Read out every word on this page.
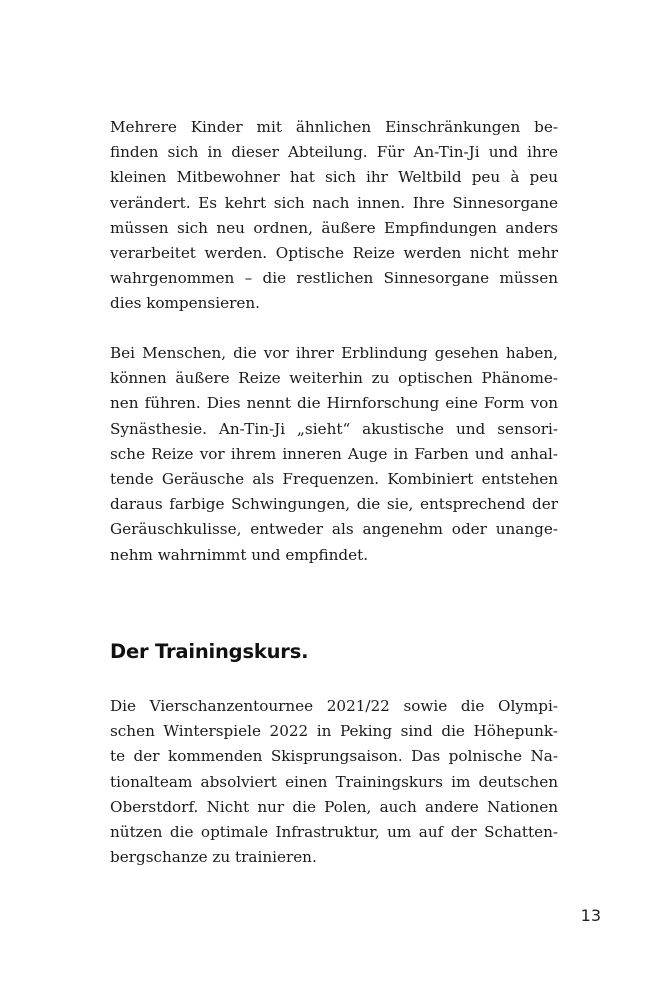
Mehrere Kinder mit ähnlichen Einschränkungen be-
finden sich in dieser Abteilung. Für An-Tin-Ji und ihre
kleinen Mitbewohner hat sich ihr Weltbild peu à peu
verändert. Es kehrt sich nach innen. Ihre Sinnesorgane
müssen sich neu ordnen, äußere Empfindungen anders
verarbeitet werden. Optische Reize werden nicht mehr
wahrgenommen – die restlichen Sinnesorgane müssen
dies kompensieren.
Bei Menschen, die vor ihrer Erblindung gesehen haben,
können äußere Reize weiterhin zu optischen Phänome-
nen führen. Dies nennt die Hirnforschung eine Form von
Synästhesie. An-Tin-Ji „sieht“ akustische und sensori-
sche Reize vor ihrem inneren Auge in Farben und anhal-
tende Geräusche als Frequenzen. Kombiniert entstehen
daraus farbige Schwingungen, die sie, entsprechend der
Geräuschkulisse, entweder als angenehm oder unange-
nehm wahrnimmt und empfindet.
Der Trainingskurs.
Die Vierschanzentournee 2021/22 sowie die Olympi-
schen Winterspiele 2022 in Peking sind die Höhepunk-
te der kommenden Skisprungsaison. Das polnische Na-
tionalteam absolviert einen Trainingskurs im deutschen
Oberstdorf. Nicht nur die Polen, auch andere Nationen
nützen die optimale Infrastruktur, um auf der Schatten-
bergschanze zu trainieren.
13
